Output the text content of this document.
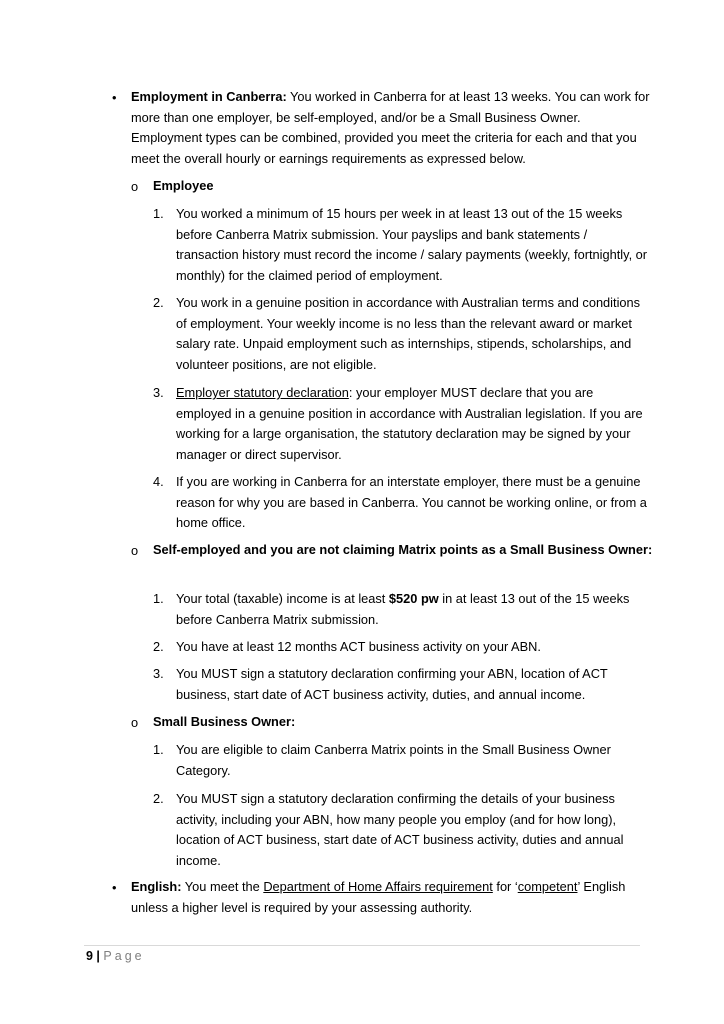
•	Employment in Canberra: You worked in Canberra for at least 13 weeks. You can work for more than one employer, be self-employed, and/or be a Small Business Owner. Employment types can be combined, provided you meet the criteria for each and that you meet the overall hourly or earnings requirements as expressed below.
o	Employee
1. You worked a minimum of 15 hours per week in at least 13 out of the 15 weeks before Canberra Matrix submission. Your payslips and bank statements / transaction history must record the income / salary payments (weekly, fortnightly, or monthly) for the claimed period of employment.
2. You work in a genuine position in accordance with Australian terms and conditions of employment. Your weekly income is no less than the relevant award or market salary rate. Unpaid employment such as internships, stipends, scholarships, and volunteer positions, are not eligible.
3. Employer statutory declaration: your employer MUST declare that you are employed in a genuine position in accordance with Australian legislation. If you are working for a large organisation, the statutory declaration may be signed by your manager or direct supervisor.
4. If you are working in Canberra for an interstate employer, there must be a genuine reason for why you are based in Canberra. You cannot be working online, or from a home office.
o	Self-employed and you are not claiming Matrix points as a Small Business Owner:
1. Your total (taxable) income is at least $520 pw in at least 13 out of the 15 weeks before Canberra Matrix submission.
2. You have at least 12 months ACT business activity on your ABN.
3. You MUST sign a statutory declaration confirming your ABN, location of ACT business, start date of ACT business activity, duties, and annual income.
o	Small Business Owner:
1. You are eligible to claim Canberra Matrix points in the Small Business Owner Category.
2. You MUST sign a statutory declaration confirming the details of your business activity, including your ABN, how many people you employ (and for how long), location of ACT business, start date of ACT business activity, duties and annual income.
•	English: You meet the Department of Home Affairs requirement for ‘competent’ English unless a higher level is required by your assessing authority.
9 | Page
